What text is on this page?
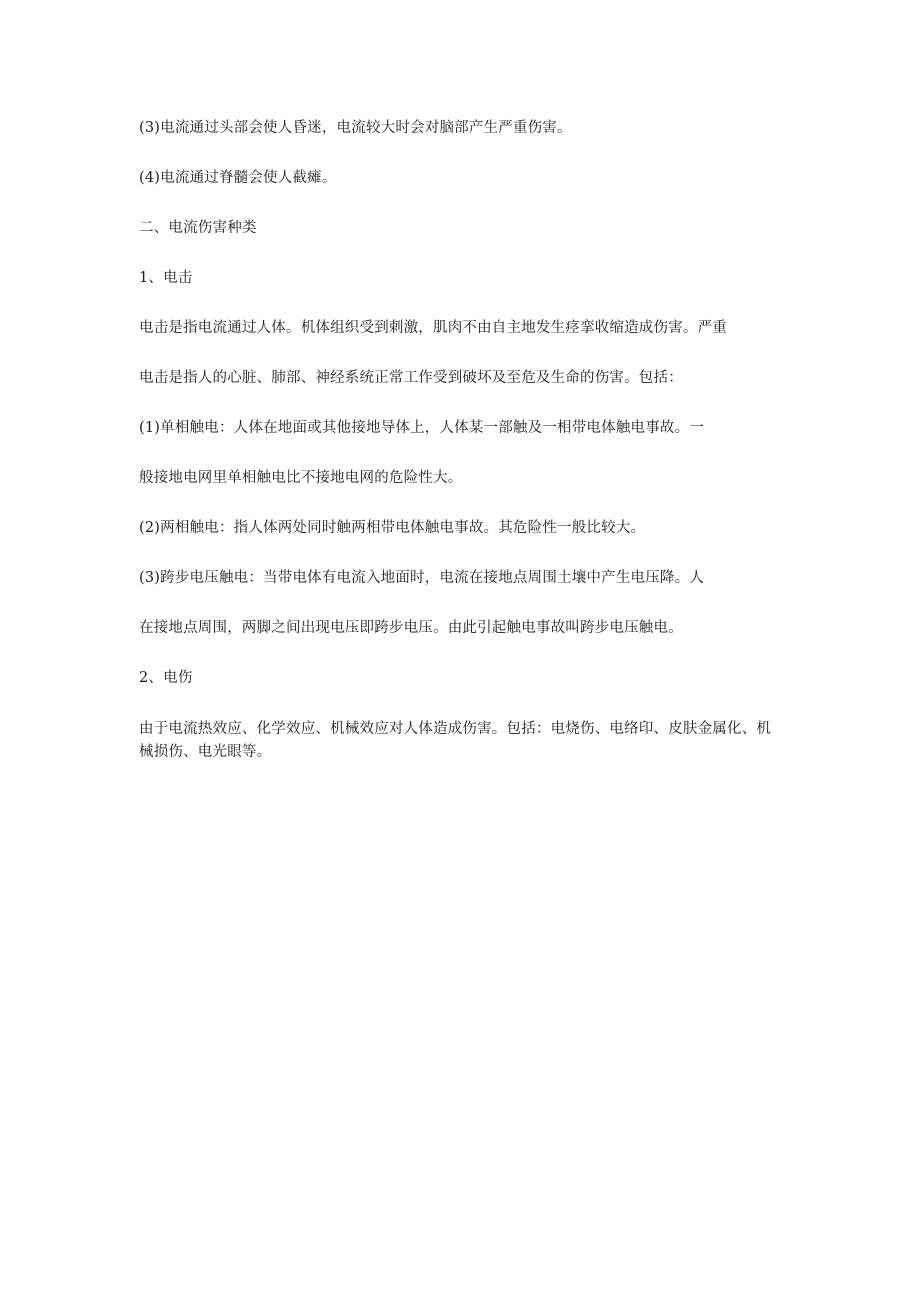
(3)电流通过头部会使人昏迷，电流较大时会对脑部产生严重伤害。

(4)电流通过脊髓会使人截瘫。

二、电流伤害种类

1、电击

电击是指电流通过人体。机体组织受到刺激，肌肉不由自主地发生痉挛收缩造成伤害。严重

电击是指人的心脏、肺部、神经系统正常工作受到破坏及至危及生命的伤害。包括：

(1)单相触电：人体在地面或其他接地导体上，人体某一部触及一相带电体触电事故。一

般接地电网里单相触电比不接地电网的危险性大。

(2)两相触电：指人体两处同时触两相带电体触电事故。其危险性一般比较大。

(3)跨步电压触电：当带电体有电流入地面时，电流在接地点周围土壤中产生电压降。人

在接地点周围，两脚之间出现电压即跨步电压。由此引起触电事故叫跨步电压触电。

2、电伤

由于电流热效应、化学效应、机械效应对人体造成伤害。包括：电烧伤、电络印、皮肤金属化、机械损伤、电光眼等。
